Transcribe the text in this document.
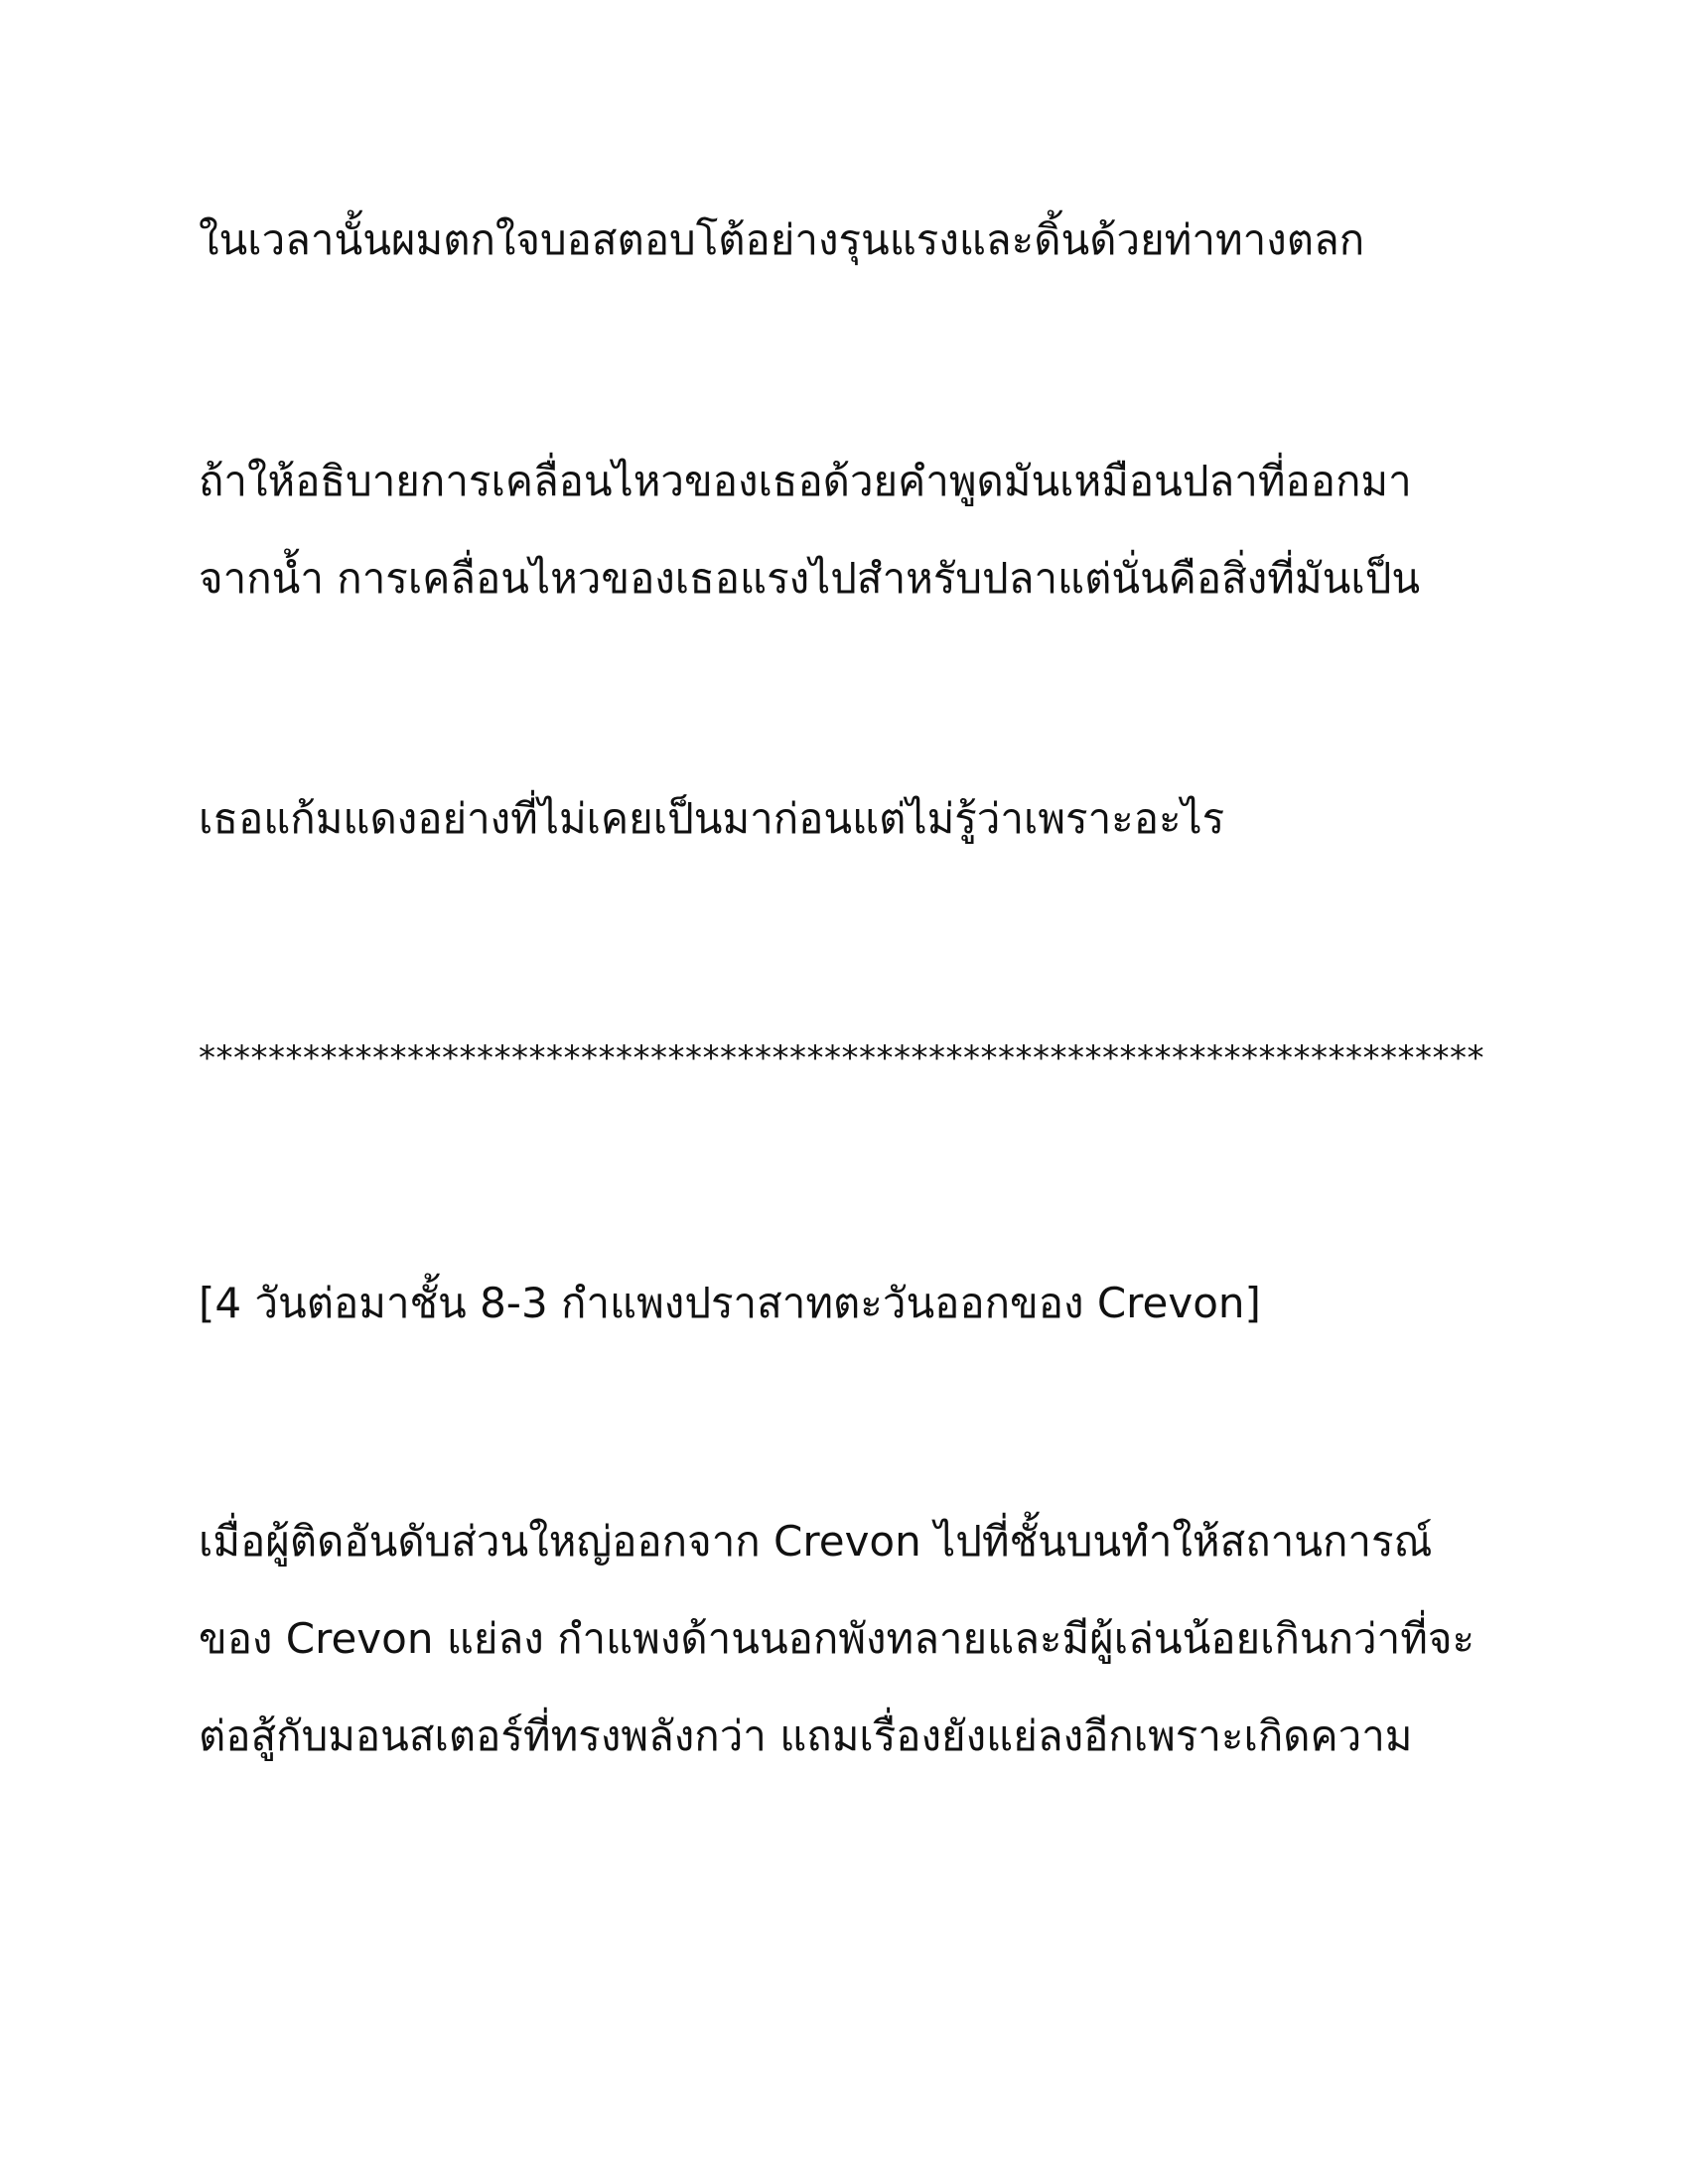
ในเวลานั้นผมตกใจบอสตอบโต้อย่างรุนแรงและดิ้นด้วยท่าทางตลก
ถ้าให้อธิบายการเคลื่อนไหวของเธอด้วยคำพูดมันเหมือนปลาที่ออกมา
จากน้ำ การเคลื่อนไหวของเธอแรงไปสำหรับปลาแต่นั่นคือสิ่งที่มันเป็น
เธอแก้มแดงอย่างที่ไม่เคยเป็นมาก่อนแต่ไม่รู้ว่าเพราะอะไร
**************************************************************************
[4 วันต่อมาชั้น 8-3 กำแพงปราสาทตะวันออกของ Crevon]
เมื่อผู้ติดอันดับส่วนใหญ่ออกจาก Crevon ไปที่ชั้นบนทำให้สถานการณ์
ของ Crevon แย่ลง กำแพงด้านนอกพังทลายและมีผู้เล่นน้อยเกินกว่าที่จะ
ต่อสู้กับมอนสเตอร์ที่ทรงพลังกว่า แถมเรื่องยังแย่ลงอีกเพราะเกิดความ
